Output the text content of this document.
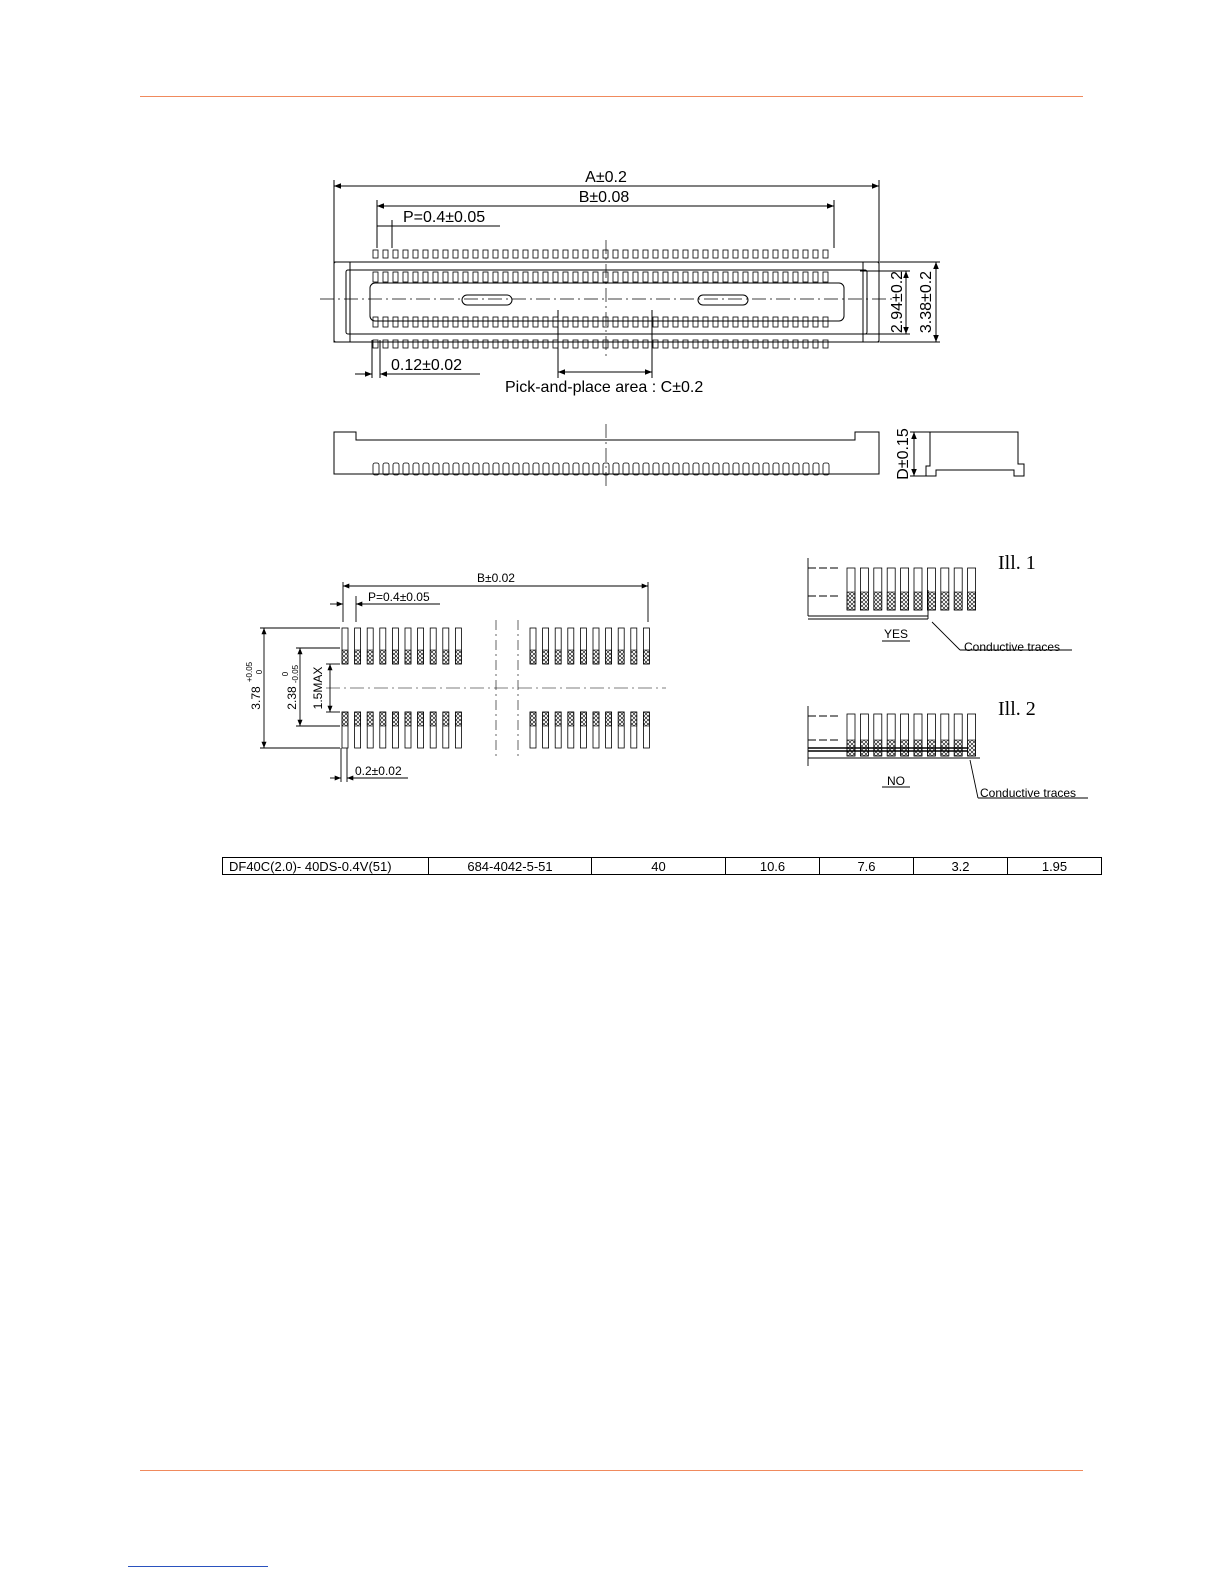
A±0.2
B±0.08
P=0.4±0.05
2.94±0.2 3.38±0.2
0.12±0.02
Pick-and-place area : C±0.2
D±0.15
B±0.02
P=0.4±0.05
3.78
+0.05 0
2.38
0 -0.05 1.5MAX
0.2±0.02
Ill. 1
YES
Conductive traces
Ill. 2
NO
Conductive traces
DF40C(2.0)- 40DS-0.4V(51)	684-4042-5-51	40	10.6	7.6	3.2	1.95
